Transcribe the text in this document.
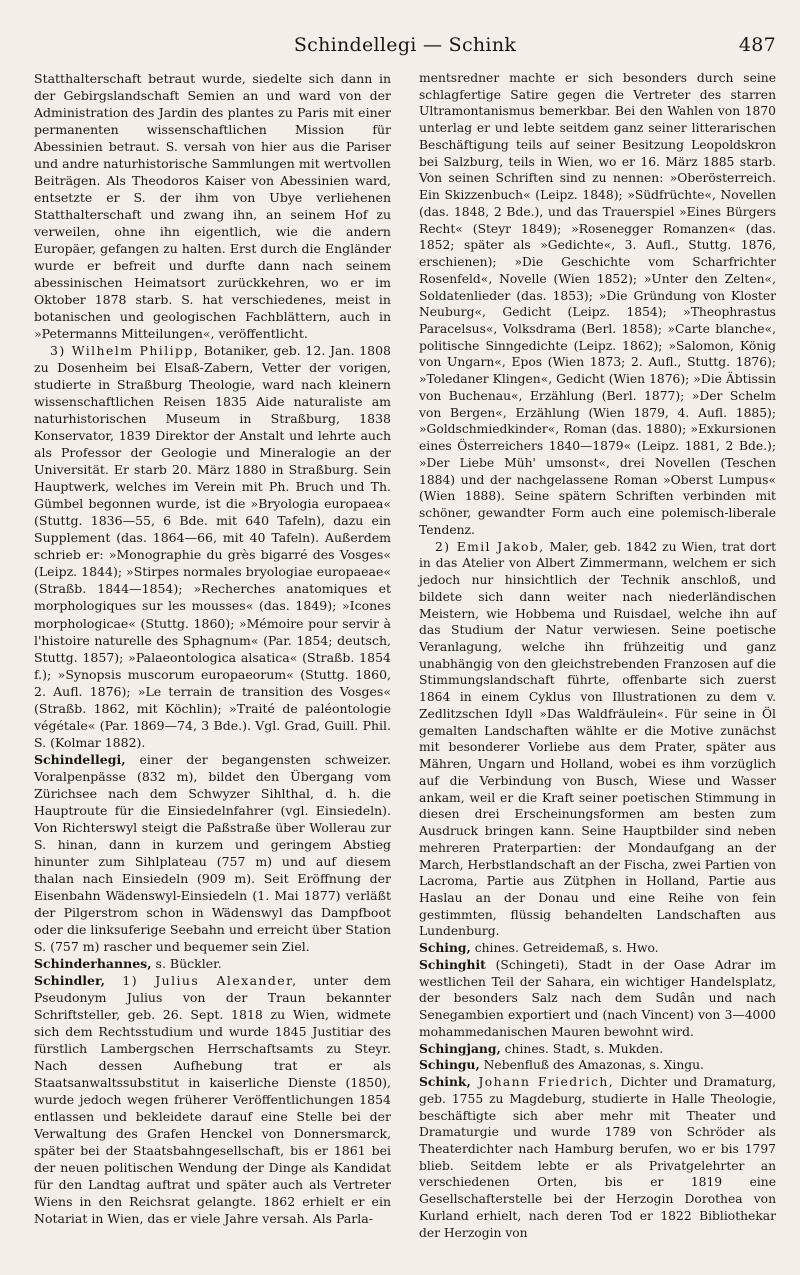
Schindellegi — Schink	487

Statthalterschaft betraut wurde, siedelte sich dann in der Gebirgslandschaft Semien an und ward von der Administration des Jardin des plantes zu Paris mit einer permanenten wissenschaftlichen Mission für Abessinien betraut. S. versah von hier aus die Pariser und andre naturhistorische Sammlungen mit wertvollen Beiträgen. Als Theodoros Kaiser von Abessinien ward, entsetzte er S. der ihm von Ubye verliehenen Statthalterschaft und zwang ihn, an seinem Hof zu verweilen, ohne ihn eigentlich, wie die andern Europäer, gefangen zu halten. Erst durch die Engländer wurde er befreit und durfte dann nach seinem abessinischen Heimatsort zurückkehren, wo er im Oktober 1878 starb. S. hat verschiedenes, meist in botanischen und geologischen Fachblättern, auch in »Petermanns Mitteilungen«, veröffentlicht.

3) Wilhelm Philipp, Botaniker, geb. 12. Jan. 1808 zu Dosenheim bei Elsaß-Zabern, Vetter der vorigen, studierte in Straßburg Theologie, ward nach kleinern wissenschaftlichen Reisen 1835 Aide naturaliste am naturhistorischen Museum in Straßburg, 1838 Konservator, 1839 Direktor der Anstalt und lehrte auch als Professor der Geologie und Mineralogie an der Universität. Er starb 20. März 1880 in Straßburg. Sein Hauptwerk, welches im Verein mit Ph. Bruch und Th. Gümbel begonnen wurde, ist die »Bryologia europaea« (Stuttg. 1836—55, 6 Bde. mit 640 Tafeln), dazu ein Supplement (das. 1864—66, mit 40 Tafeln). Außerdem schrieb er: »Monographie du grès bigarré des Vosges« (Leipz. 1844); »Stirpes normales bryologiae europaeae« (Straßb. 1844—1854); »Recherches anatomiques et morphologiques sur les mousses« (das. 1849); »Icones morphologicae« (Stuttg. 1860); »Mémoire pour servir à l'histoire naturelle des Sphagnum« (Par. 1854; deutsch, Stuttg. 1857); »Palaeontologica alsatica« (Straßb. 1854 f.); »Synopsis muscorum europaeorum« (Stuttg. 1860, 2. Aufl. 1876); »Le terrain de transition des Vosges« (Straßb. 1862, mit Köchlin); »Traité de paléontologie végétale« (Par. 1869—74, 3 Bde.). Vgl. Grad, Guill. Phil. S. (Kolmar 1882).

Schindellegi, einer der begangensten schweizer. Voralpenpässe (832 m), bildet den Übergang vom Zürichsee nach dem Schwyzer Sihlthal, d. h. die Hauptroute für die Einsiedelnfahrer (vgl. Einsiedeln). Von Richterswyl steigt die Paßstraße über Wollerau zur S. hinan, dann in kurzem und geringem Abstieg hinunter zum Sihlplateau (757 m) und auf diesem thalan nach Einsiedeln (909 m). Seit Eröffnung der Eisenbahn Wädenswyl-Einsiedeln (1. Mai 1877) verläßt der Pilgerstrom schon in Wädenswyl das Dampfboot oder die linksuferige Seebahn und erreicht über Station S. (757 m) rascher und bequemer sein Ziel.

Schinderhannes, s. Bückler.

Schindler, 1) Julius Alexander, unter dem Pseudonym Julius von der Traun bekannter Schriftsteller, geb. 26. Sept. 1818 zu Wien, widmete sich dem Rechtsstudium und wurde 1845 Justitiar des fürstlich Lambergschen Herrschaftsamts zu Steyr. Nach dessen Aufhebung trat er als Staatsanwaltssubstitut in kaiserliche Dienste (1850), wurde jedoch wegen früherer Veröffentlichungen 1854 entlassen und bekleidete darauf eine Stelle bei der Verwaltung des Grafen Henckel von Donnersmarck, später bei der Staatsbahngesellschaft, bis er 1861 bei der neuen politischen Wendung der Dinge als Kandidat für den Landtag auftrat und später auch als Vertreter Wiens in den Reichsrat gelangte. 1862 erhielt er ein Notariat in Wien, das er viele Jahre versah. Als Parla-

mentsredner machte er sich besonders durch seine schlagfertige Satire gegen die Vertreter des starren Ultramontanismus bemerkbar. Bei den Wahlen von 1870 unterlag er und lebte seitdem ganz seiner litterarischen Beschäftigung teils auf seiner Besitzung Leopoldskron bei Salzburg, teils in Wien, wo er 16. März 1885 starb. Von seinen Schriften sind zu nennen: »Oberösterreich. Ein Skizzenbuch« (Leipz. 1848); »Südfrüchte«, Novellen (das. 1848, 2 Bde.), und das Trauerspiel »Eines Bürgers Recht« (Steyr 1849); »Rosenegger Romanzen« (das. 1852; später als »Gedichte«, 3. Aufl., Stuttg. 1876, erschienen); »Die Geschichte vom Scharfrichter Rosenfeld«, Novelle (Wien 1852); »Unter den Zelten«, Soldatenlieder (das. 1853); »Die Gründung von Kloster Neuburg«, Gedicht (Leipz. 1854); »Theophrastus Paracelsus«, Volksdrama (Berl. 1858); »Carte blanche«, politische Sinngedichte (Leipz. 1862); »Salomon, König von Ungarn«, Epos (Wien 1873; 2. Aufl., Stuttg. 1876); »Toledaner Klingen«, Gedicht (Wien 1876); »Die Äbtissin von Buchenau«, Erzählung (Berl. 1877); »Der Schelm von Bergen«, Erzählung (Wien 1879, 4. Aufl. 1885); »Goldschmiedkinder«, Roman (das. 1880); »Exkursionen eines Österreichers 1840—1879« (Leipz. 1881, 2 Bde.); »Der Liebe Müh' umsonst«, drei Novellen (Teschen 1884) und der nachgelassene Roman »Oberst Lumpus« (Wien 1888). Seine spätern Schriften verbinden mit schöner, gewandter Form auch eine polemisch-liberale Tendenz.

2) Emil Jakob, Maler, geb. 1842 zu Wien, trat dort in das Atelier von Albert Zimmermann, welchem er sich jedoch nur hinsichtlich der Technik anschloß, und bildete sich dann weiter nach niederländischen Meistern, wie Hobbema und Ruisdael, welche ihn auf das Studium der Natur verwiesen. Seine poetische Veranlagung, welche ihn frühzeitig und ganz unabhängig von den gleichstrebenden Franzosen auf die Stimmungslandschaft führte, offenbarte sich zuerst 1864 in einem Cyklus von Illustrationen zu dem v. Zedlitzschen Idyll »Das Waldfräulein«. Für seine in Öl gemalten Landschaften wählte er die Motive zunächst mit besonderer Vorliebe aus dem Prater, später aus Mähren, Ungarn und Holland, wobei es ihm vorzüglich auf die Verbindung von Busch, Wiese und Wasser ankam, weil er die Kraft seiner poetischen Stimmung in diesen drei Erscheinungsformen am besten zum Ausdruck bringen kann. Seine Hauptbilder sind neben mehreren Praterpartien: der Mondaufgang an der March, Herbstlandschaft an der Fischa, zwei Partien von Lacroma, Partie aus Zütphen in Holland, Partie aus Haslau an der Donau und eine Reihe von fein gestimmten, flüssig behandelten Landschaften aus Lundenburg.

Sching, chines. Getreidemaß, s. Hwo.

Schinghit (Schingeti), Stadt in der Oase Adrar im westlichen Teil der Sahara, ein wichtiger Handelsplatz, der besonders Salz nach dem Sudân und nach Senegambien exportiert und (nach Vincent) von 3—4000 mohammedanischen Mauren bewohnt wird.

Schingjang, chines. Stadt, s. Mukden.

Schingu, Nebenfluß des Amazonas, s. Xingu.

Schink, Johann Friedrich, Dichter und Dramaturg, geb. 1755 zu Magdeburg, studierte in Halle Theologie, beschäftigte sich aber mehr mit Theater und Dramaturgie und wurde 1789 von Schröder als Theaterdichter nach Hamburg berufen, wo er bis 1797 blieb. Seitdem lebte er als Privatgelehrter an verschiedenen Orten, bis er 1819 eine Gesellschafterstelle bei der Herzogin Dorothea von Kurland erhielt, nach deren Tod er 1822 Bibliothekar der Herzogin von
